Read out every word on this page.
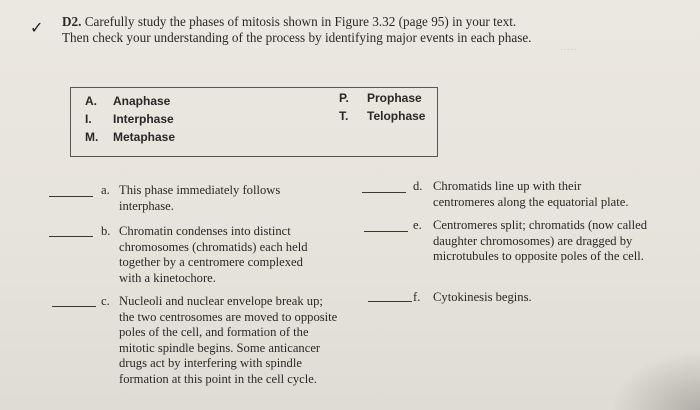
✓ D2. Carefully study the phases of mitosis shown in Figure 3.32 (page 95) in your text. Then check your understanding of the process by identifying major events in each phase.
·····
A. Anaphase
I. Interphase
M. Metaphase
P. Prophase
T. Telophase
a. This phase immediately follows interphase.
b. Chromatin condenses into distinct chromosomes (chromatids) each held together by a centromere complexed with a kinetochore.
c. Nucleoli and nuclear envelope break up; the two centrosomes are moved to opposite poles of the cell, and formation of the mitotic spindle begins. Some anticancer drugs act by interfering with spindle formation at this point in the cell cycle.
d. Chromatids line up with their centromeres along the equatorial plate.
e. Centromeres split; chromatids (now called daughter chromosomes) are dragged by microtubules to opposite poles of the cell.
f. Cytokinesis begins.
